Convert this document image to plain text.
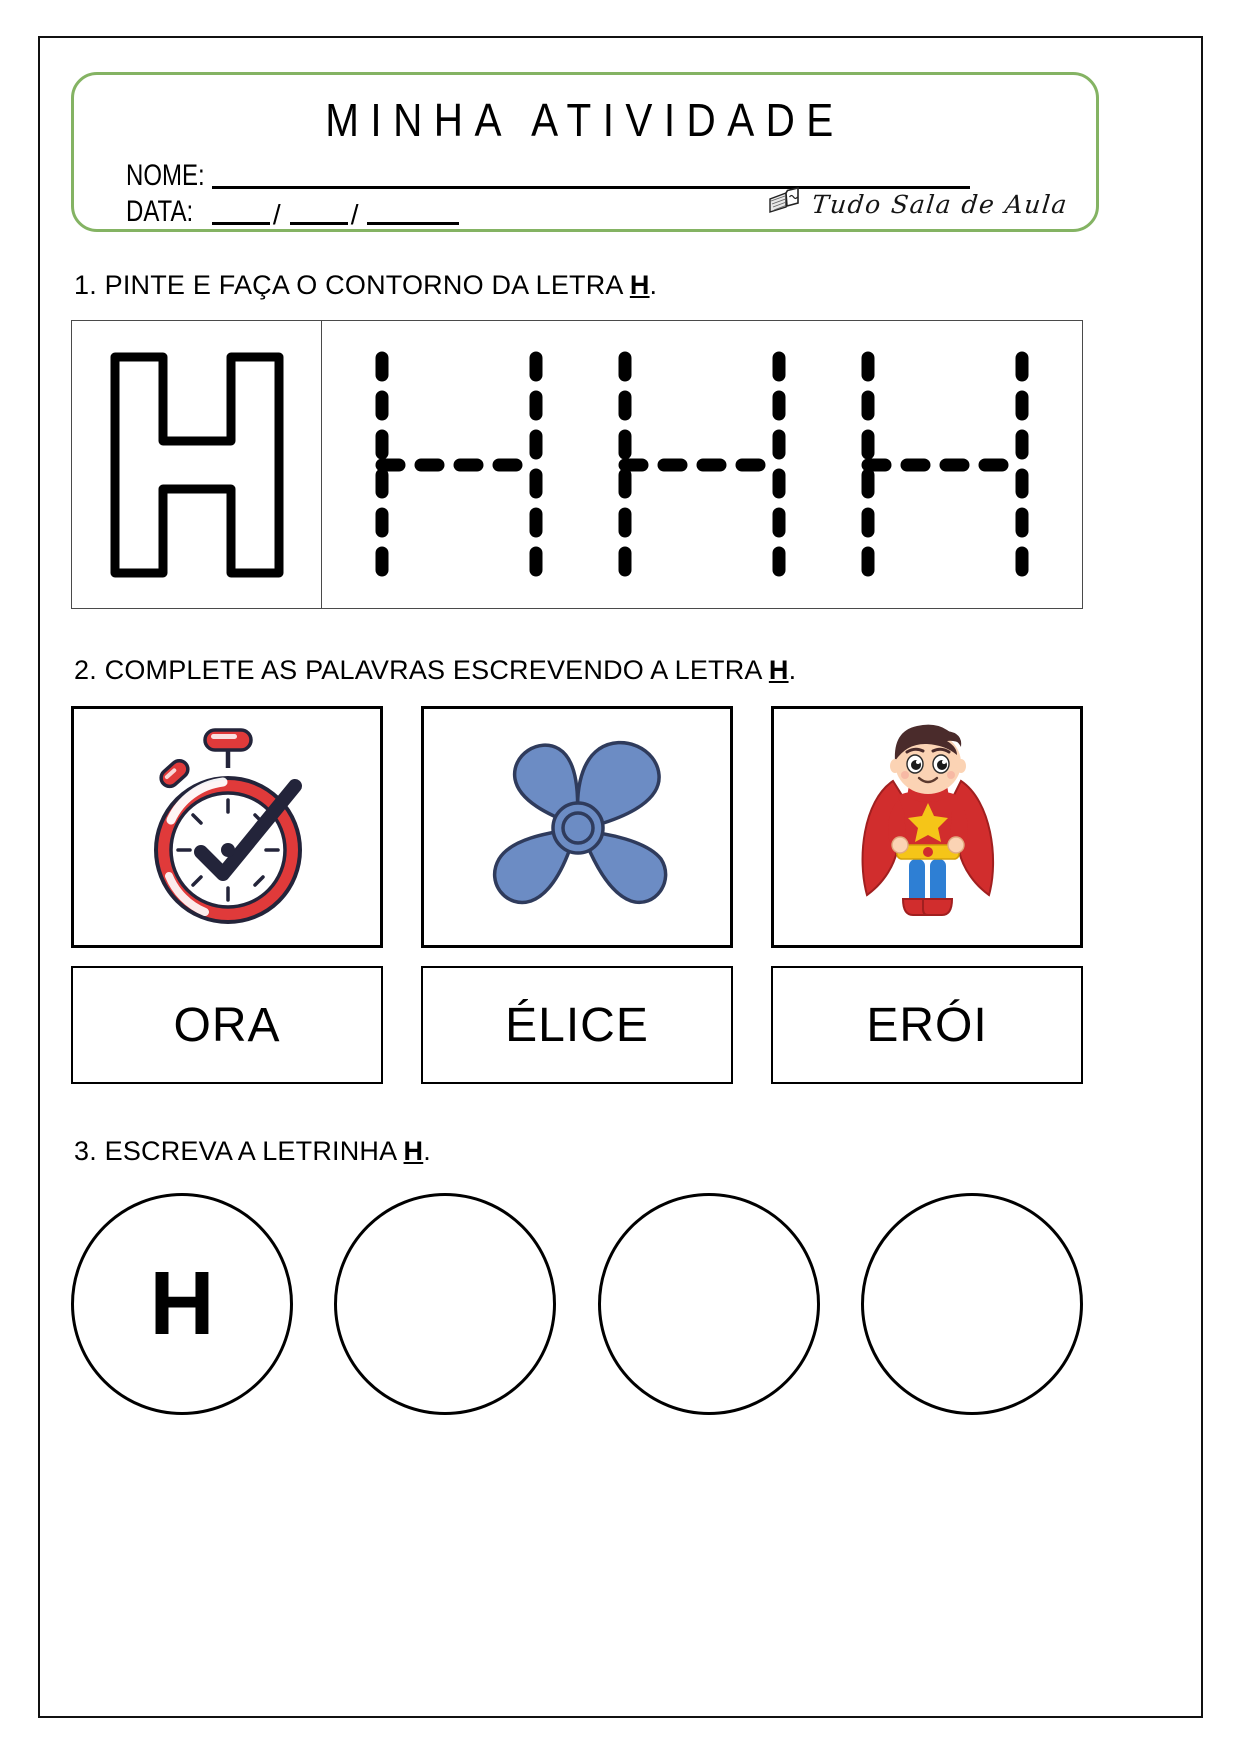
MINHA ATIVIDADE
NOME:
DATA:	/	/	Tudo Sala de Aula
1. PINTE E FAÇA O CONTORNO DA LETRA H.
2. COMPLETE AS PALAVRAS ESCREVENDO A LETRA H.
ORA	ÉLICE	ERÓI
3. ESCREVA A LETRINHA H.
H
